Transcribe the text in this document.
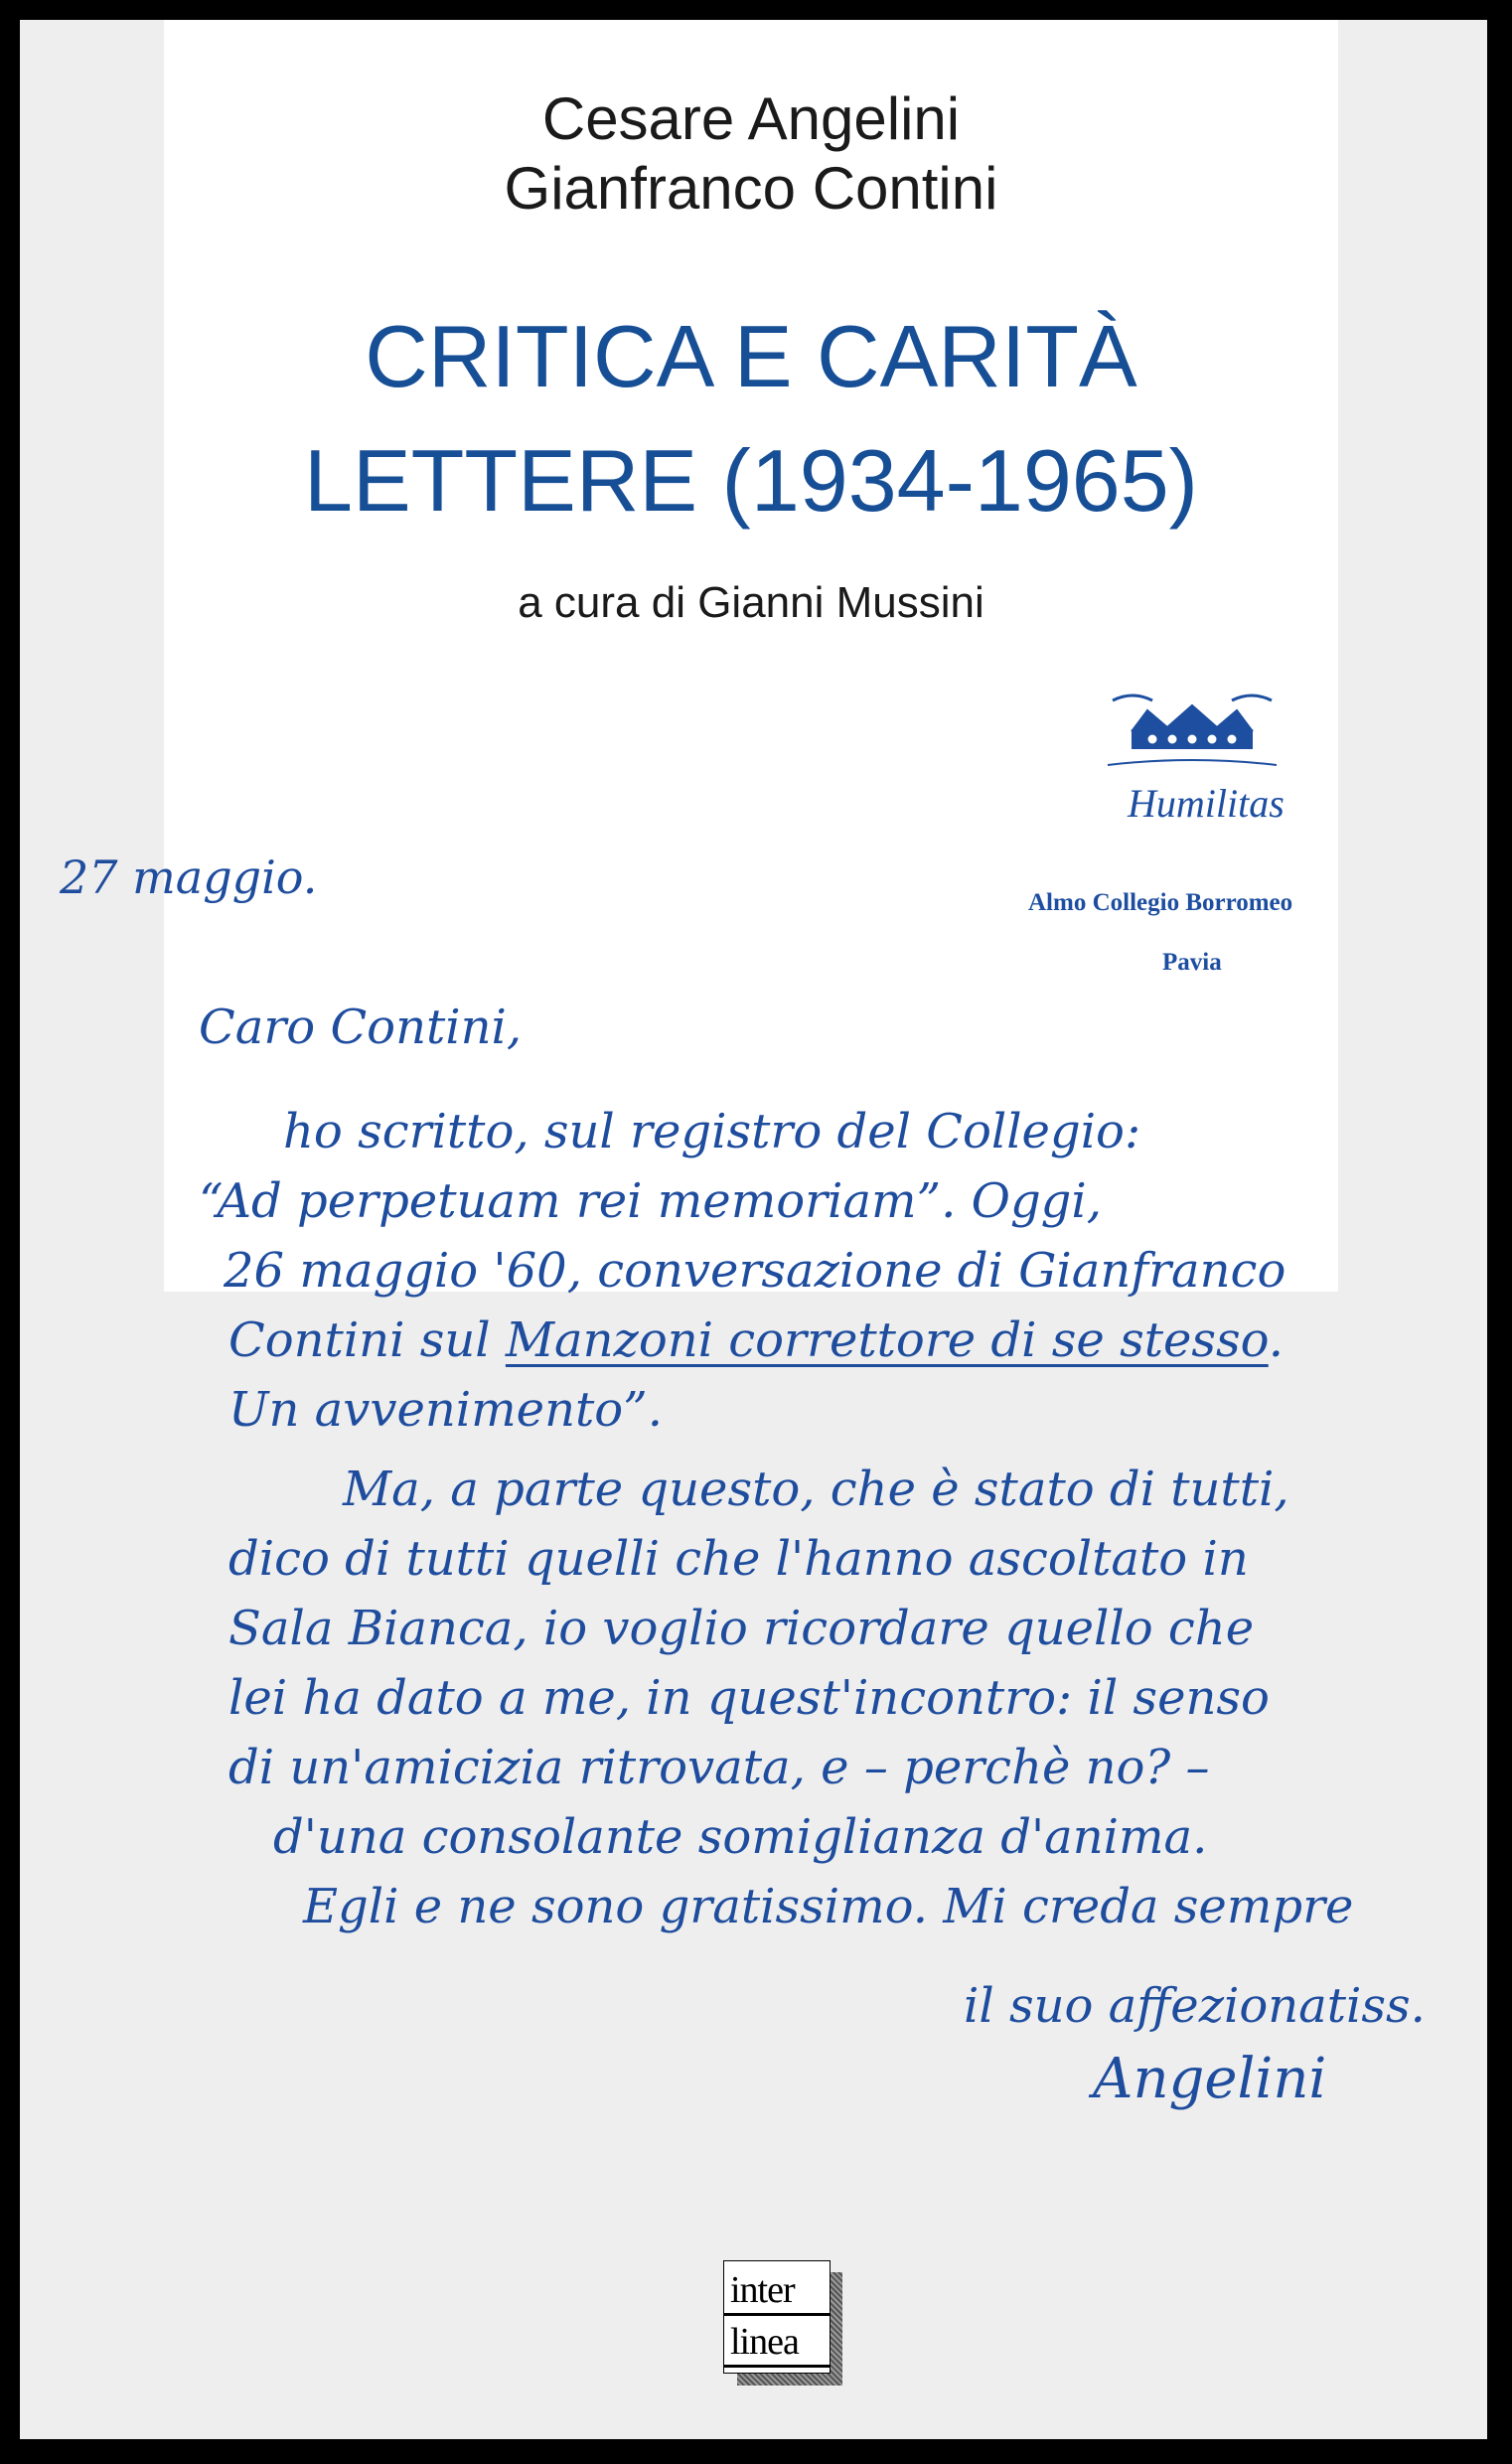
Cesare Angelini
Gianfranco Contini
CRITICA E CARITÀ
LETTERE (1934-1965)
a cura di Gianni Mussini
Humilitas
Almo Collegio Borromeo
Pavia
27 maggio.
Caro Contini,
ho scritto, sul registro del Collegio:
“Ad perpetuam rei memoriam”. Oggi,
26 maggio '60, conversazione di Gianfranco
Contini sul Manzoni correttore di se stesso.
Un avvenimento”.
Ma, a parte questo, che è stato di tutti,
dico di tutti quelli che l'hanno ascoltato in
Sala Bianca, io voglio ricordare quello che
lei ha dato a me, in quest'incontro: il senso
di un'amicizia ritrovata, e – perchè no? –
d'una consolante somiglianza d'anima.
Egli e ne sono gratissimo. Mi creda sempre
il suo affezionatiss.
Angelini
inter
linea
